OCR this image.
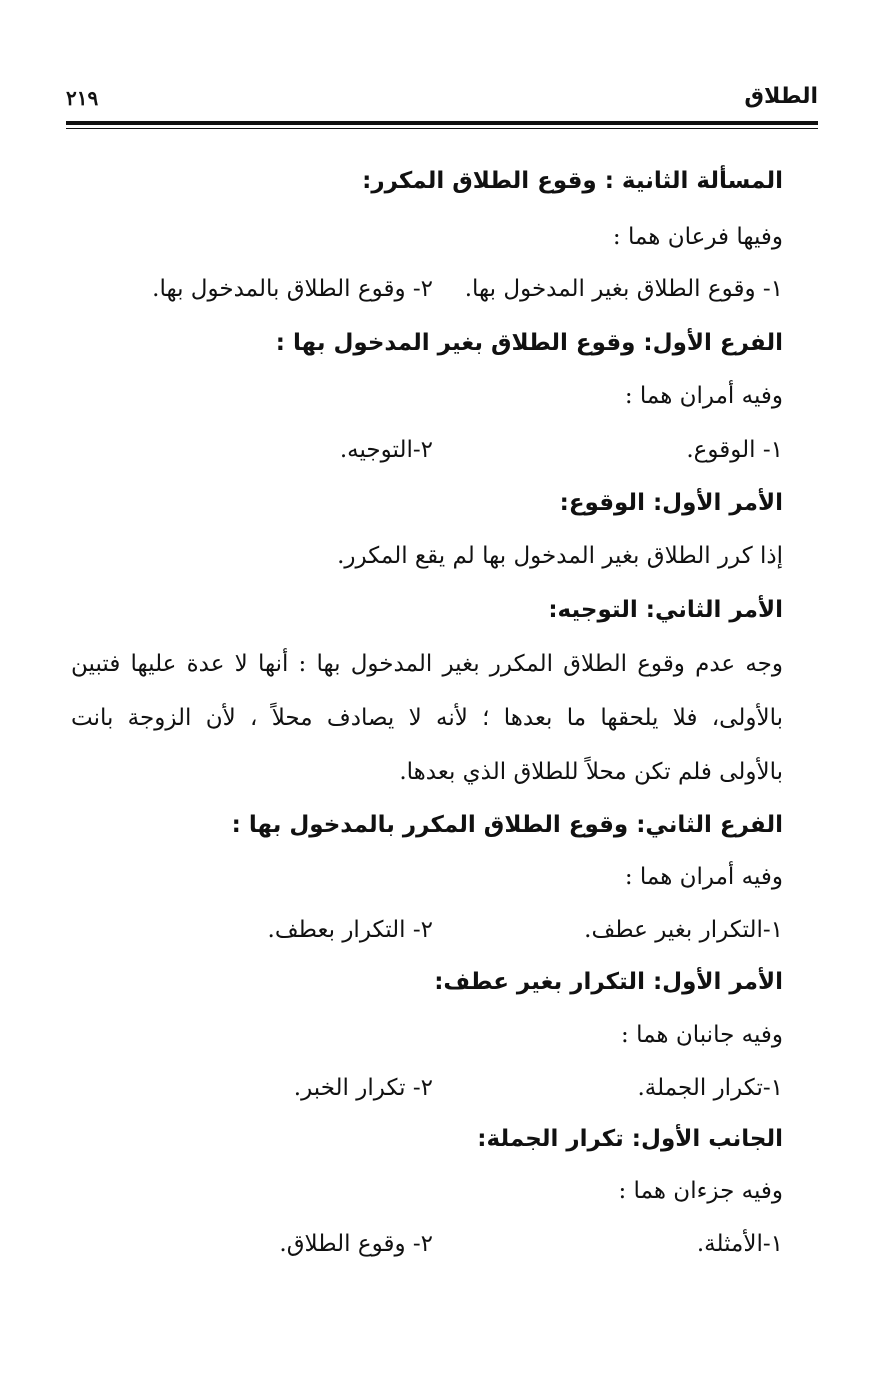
الطلاق
٢١٩
المسألة الثانية : وقوع الطلاق المكرر:
وفيها فرعان هما :
١- وقوع الطلاق بغير المدخول بها.
٢- وقوع الطلاق بالمدخول بها.
الفرع الأول: وقوع الطلاق بغير المدخول بها :
وفيه أمران هما :
١- الوقوع.
٢-التوجيه.
الأمر الأول: الوقوع:
إذا كرر الطلاق بغير المدخول بها لم يقع المكرر.
الأمر الثاني: التوجيه:
وجه عدم وقوع الطلاق المكرر بغير المدخول بها : أنها لا عدة عليها فتبين
بالأولى، فلا يلحقها ما بعدها ؛ لأنه لا يصادف محلاً ، لأن الزوجة بانت
بالأولى فلم تكن محلاً للطلاق الذي بعدها.
الفرع الثاني: وقوع الطلاق المكرر بالمدخول بها :
وفيه أمران هما :
١-التكرار بغير عطف.
٢- التكرار بعطف.
الأمر الأول: التكرار بغير عطف:
وفيه جانبان هما :
١-تكرار الجملة.
٢- تكرار الخبر.
الجانب الأول: تكرار الجملة:
وفيه جزءان هما :
١-الأمثلة.
٢- وقوع الطلاق.
